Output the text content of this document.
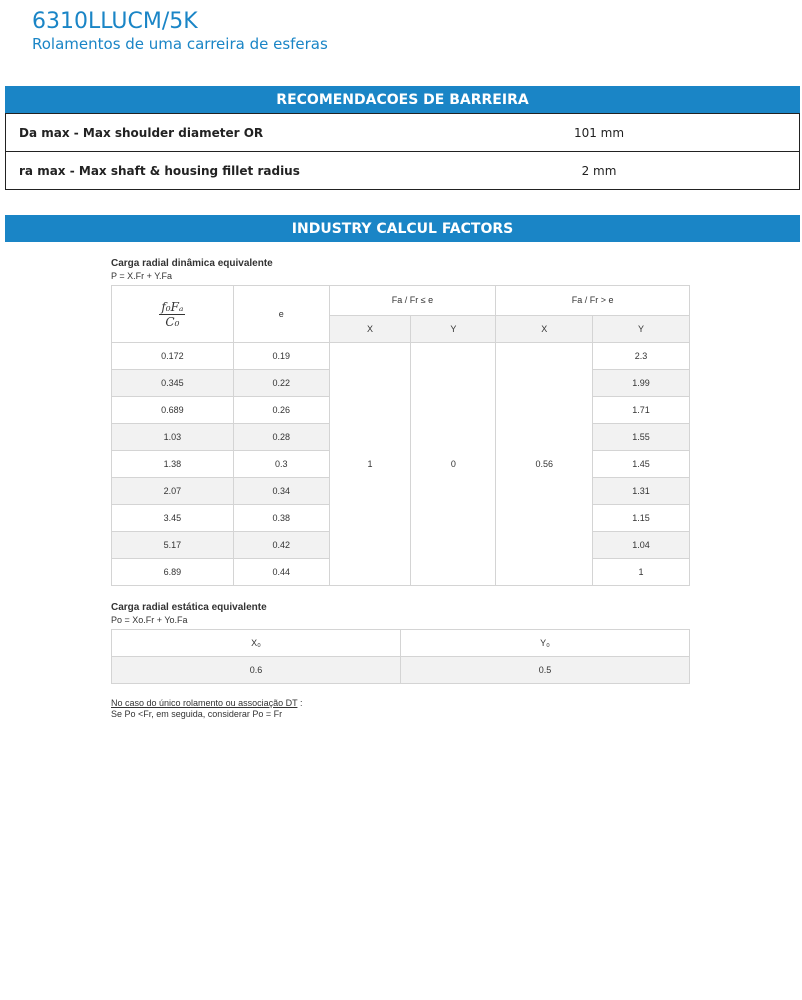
6310LLUCM/5K
Rolamentos de uma carreira de esferas
RECOMENDACOES DE BARREIRA
Da max - Max shoulder diameter OR	101 mm
ra max - Max shaft & housing fillet radius	2 mm
INDUSTRY CALCUL FACTORS
Carga radial dinâmica equivalente
P = X.Fr + Y.Fa
$\frac{\text{f₀Fₐ}}{\text{C₀}}$	e	Fa / Fr ≤ e		Fa / Fr > e	
		X	Y	X	Y
0.172	0.19	1	0	0.56	2.3
0.345	0.22				1.99
0.689	0.26				1.71
1.03	0.28				1.55
1.38	0.3				1.45
2.07	0.34				1.31
3.45	0.38				1.15
5.17	0.42				1.04
6.89	0.44				1
Carga radial estática equivalente
Po = Xo.Fr + Yo.Fa
X₀	Y₀
0.6	0.5
No caso do único rolamento ou associação DT :
Se Po <Fr, em seguida, considerar Po = Fr
